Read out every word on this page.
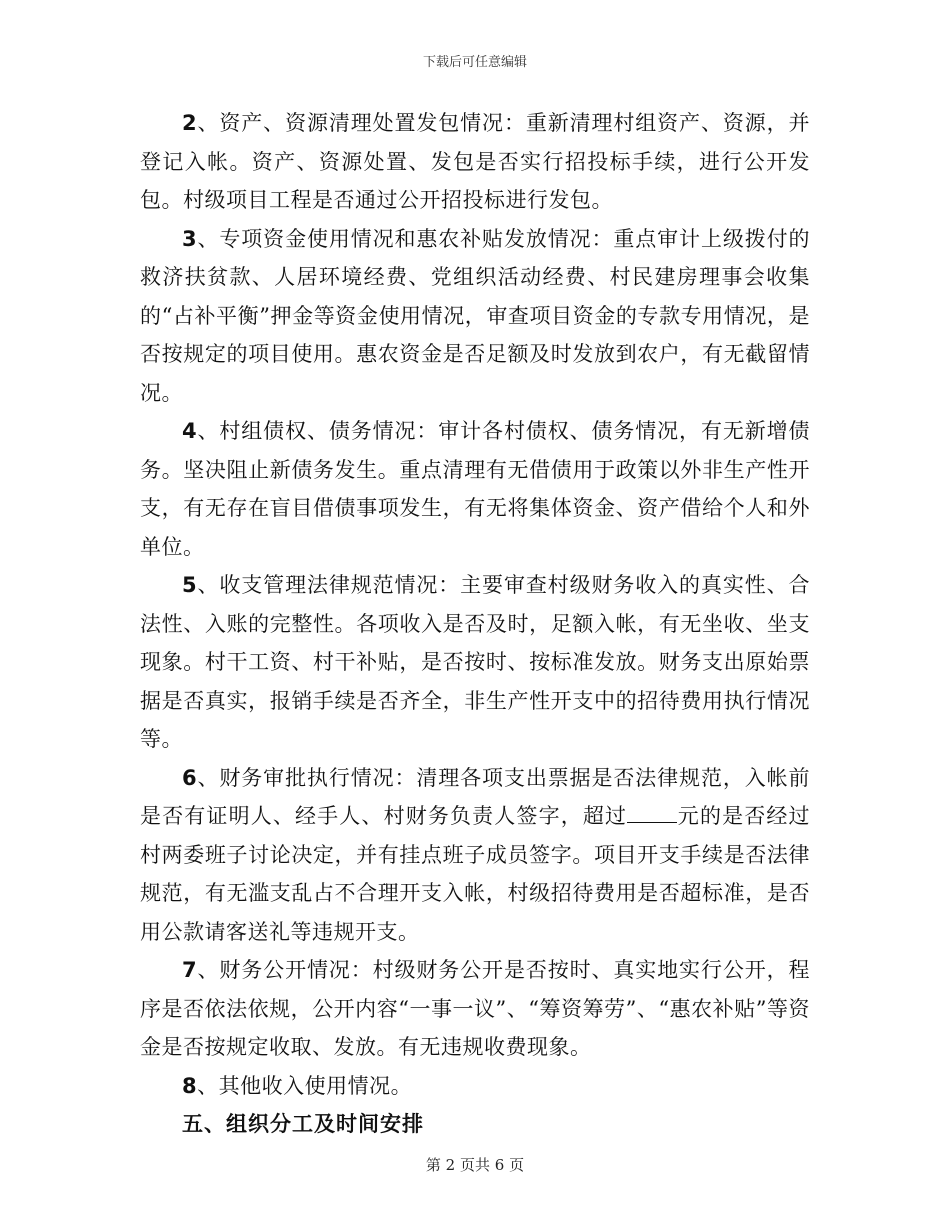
下载后可任意编辑

2、资产、资源清理处置发包情况：重新清理村组资产、资源，并登记入帐。资产、资源处置、发包是否实行招投标手续，进行公开发包。村级项目工程是否通过公开招投标进行发包。

3、专项资金使用情况和惠农补贴发放情况：重点审计上级拨付的救济扶贫款、人居环境经费、党组织活动经费、村民建房理事会收集的“占补平衡”押金等资金使用情况，审查项目资金的专款专用情况，是否按规定的项目使用。惠农资金是否足额及时发放到农户，有无截留情况。

4、村组债权、债务情况：审计各村债权、债务情况，有无新增债务。坚决阻止新债务发生。重点清理有无借债用于政策以外非生产性开支，有无存在盲目借债事项发生，有无将集体资金、资产借给个人和外单位。

5、收支管理法律规范情况：主要审查村级财务收入的真实性、合法性、入账的完整性。各项收入是否及时，足额入帐，有无坐收、坐支现象。村干工资、村干补贴，是否按时、按标准发放。财务支出原始票据是否真实，报销手续是否齐全，非生产性开支中的招待费用执行情况等。

6、财务审批执行情况：清理各项支出票据是否法律规范，入帐前是否有证明人、经手人、村财务负责人签字，超过 元的是否经过村两委班子讨论决定，并有挂点班子成员签字。项目开支手续是否法律规范，有无滥支乱占不合理开支入帐，村级招待费用是否超标准，是否用公款请客送礼等违规开支。

7、财务公开情况：村级财务公开是否按时、真实地实行公开，程序是否依法依规，公开内容“一事一议”、“筹资筹劳”、“惠农补贴”等资金是否按规定收取、发放。有无违规收费现象。

8、其他收入使用情况。

五、组织分工及时间安排

第 2 页共 6 页
